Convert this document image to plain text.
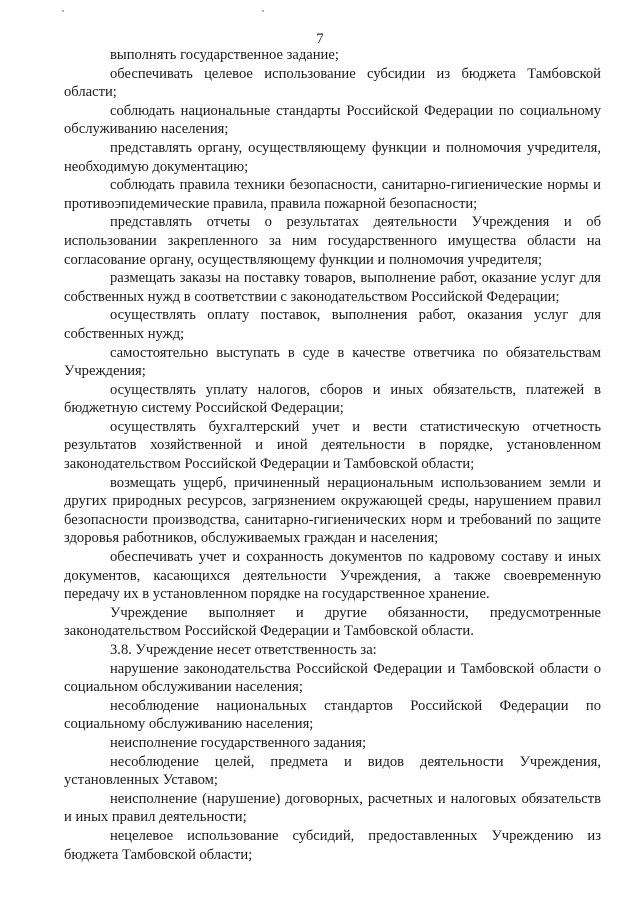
7

выполнять государственное задание;

обеспечивать целевое использование субсидии из бюджета Тамбовской области;

соблюдать национальные стандарты Российской Федерации по социальному обслуживанию населения;

представлять органу, осуществляющему функции и полномочия учредителя, необходимую документацию;

соблюдать правила техники безопасности, санитарно-гигиенические нормы и противоэпидемические правила, правила пожарной безопасности;

представлять отчеты о результатах деятельности Учреждения и об использовании закрепленного за ним государственного имущества области на согласование органу, осуществляющему функции и полномочия учредителя;

размещать заказы на поставку товаров, выполнение работ, оказание услуг для собственных нужд в соответствии с законодательством Российской Федерации;

осуществлять оплату поставок, выполнения работ, оказания услуг для собственных нужд;

самостоятельно выступать в суде в качестве ответчика по обязательствам Учреждения;

осуществлять уплату налогов, сборов и иных обязательств, платежей в бюджетную систему Российской Федерации;

осуществлять бухгалтерский учет и вести статистическую отчетность результатов хозяйственной и иной деятельности в порядке, установленном законодательством Российской Федерации и Тамбовской области;

возмещать ущерб, причиненный нерациональным использованием земли и других природных ресурсов, загрязнением окружающей среды, нарушением правил безопасности производства, санитарно-гигиенических норм и требований по защите здоровья работников, обслуживаемых граждан и населения;

обеспечивать учет и сохранность документов по кадровому составу и иных документов, касающихся деятельности Учреждения, а также своевременную передачу их в установленном порядке на государственное хранение.

Учреждение выполняет и другие обязанности, предусмотренные законодательством Российской Федерации и Тамбовской области.

3.8. Учреждение несет ответственность за:

нарушение законодательства Российской Федерации и Тамбовской области о социальном обслуживании населения;

несоблюдение национальных стандартов Российской Федерации по социальному обслуживанию населения;

неисполнение государственного задания;

несоблюдение целей, предмета и видов деятельности Учреждения, установленных Уставом;

неисполнение (нарушение) договорных, расчетных и налоговых обязательств и иных правил деятельности;

нецелевое использование субсидий, предоставленных Учреждению из бюджета Тамбовской области;
